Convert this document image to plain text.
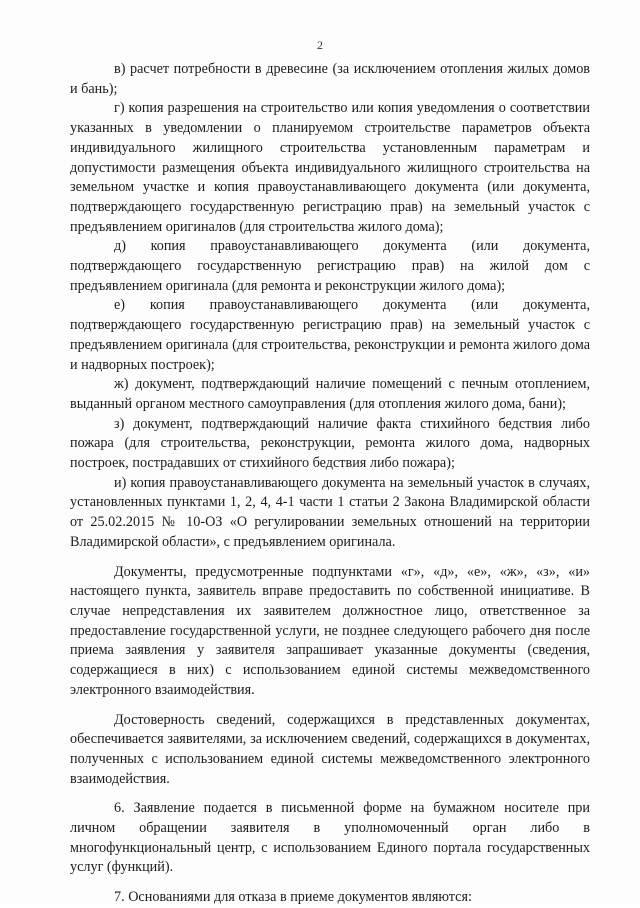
2

в) расчет потребности в древесине (за исключением отопления жилых домов и бань);

г) копия разрешения на строительство или копия уведомления о соответствии указанных в уведомлении о планируемом строительстве параметров объекта индивидуального жилищного строительства установленным параметрам и допустимости размещения объекта индивидуального жилищного строительства на земельном участке и копия правоустанавливающего документа (или документа, подтверждающего государственную регистрацию прав) на земельный участок с предъявлением оригиналов (для строительства жилого дома);

д) копия правоустанавливающего документа (или документа, подтверждающего государственную регистрацию прав) на жилой дом с предъявлением оригинала (для ремонта и реконструкции жилого дома);

е) копия правоустанавливающего документа (или документа, подтверждающего государственную регистрацию прав) на земельный участок с предъявлением оригинала (для строительства, реконструкции и ремонта жилого дома и надворных построек);

ж) документ, подтверждающий наличие помещений с печным отоплением, выданный органом местного самоуправления (для отопления жилого дома, бани);

з) документ, подтверждающий наличие факта стихийного бедствия либо пожара (для строительства, реконструкции, ремонта жилого дома, надворных построек, пострадавших от стихийного бедствия либо пожара);

и) копия правоустанавливающего документа на земельный участок в случаях, установленных пунктами 1, 2, 4, 4-1 части 1 статьи 2 Закона Владимирской области от 25.02.2015 № 10-ОЗ «О регулировании земельных отношений на территории Владимирской области», с предъявлением оригинала.

Документы, предусмотренные подпунктами «г», «д», «е», «ж», «з», «и» настоящего пункта, заявитель вправе предоставить по собственной инициативе. В случае непредставления их заявителем должностное лицо, ответственное за предоставление государственной услуги, не позднее следующего рабочего дня после приема заявления у заявителя запрашивает указанные документы (сведения, содержащиеся в них) с использованием единой системы межведомственного электронного взаимодействия.

Достоверность сведений, содержащихся в представленных документах, обеспечивается заявителями, за исключением сведений, содержащихся в документах, полученных с использованием единой системы межведомственного электронного взаимодействия.

6. Заявление подается в письменной форме на бумажном носителе при личном обращении заявителя в уполномоченный орган либо в многофункциональный центр, с использованием Единого портала государственных услуг (функций).

7. Основаниями для отказа в приеме документов являются:
